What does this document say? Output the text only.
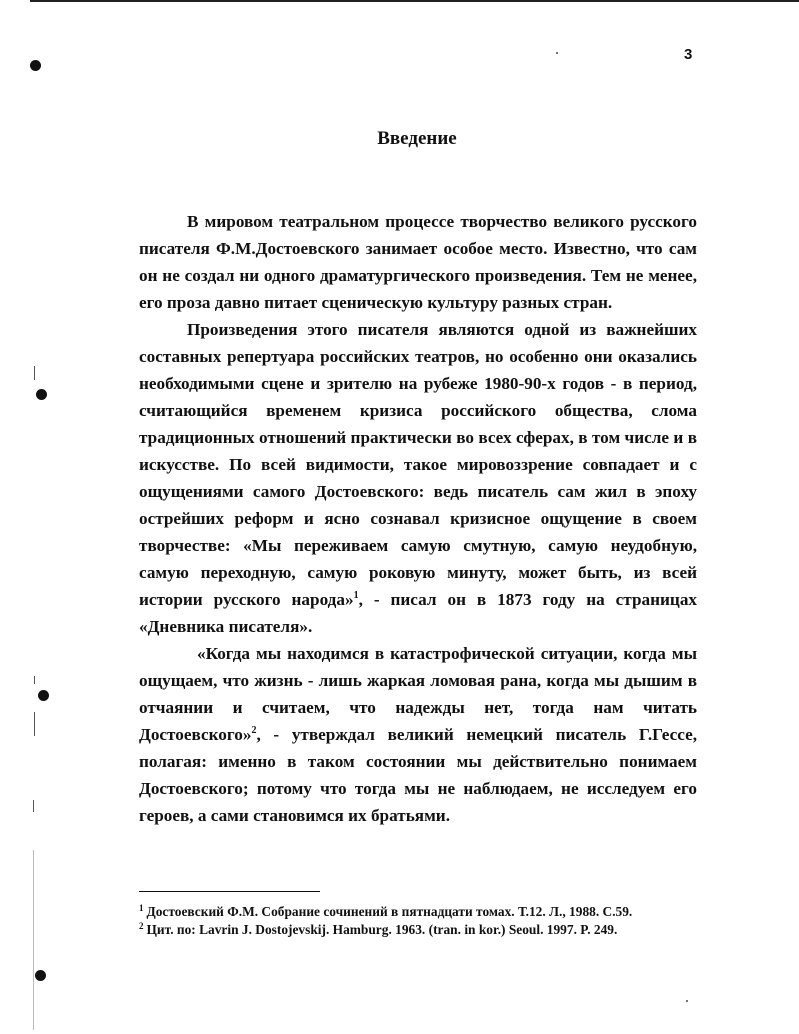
3
Введение

В мировом театральном процессе творчество великого русского писателя Ф.М.Достоевского занимает особое место. Известно, что сам он не создал ни одного драматургического произведения. Тем не менее, его проза давно питает сценическую культуру разных стран.

Произведения этого писателя являются одной из важнейших составных репертуара российских театров, но особенно они оказались необходимыми сцене и зрителю на рубеже 1980-90-х годов - в период, считающийся временем кризиса российского общества, слома традиционных отношений практически во всех сферах, в том числе и в искусстве. По всей видимости, такое мировоззрение совпадает и с ощущениями самого Достоевского: ведь писатель сам жил в эпоху острейших реформ и ясно сознавал кризисное ощущение в своем творчестве: «Мы переживаем самую смутную, самую неудобную, самую переходную, самую роковую минуту, может быть, из всей истории русского народа»$^1$, - писал он в 1873 году на страницах «Дневника писателя».

«Когда мы находимся в катастрофической ситуации, когда мы ощущаем, что жизнь - лишь жаркая ломовая рана, когда мы дышим в отчаянии и считаем, что надежды нет, тогда нам читать Достоевского»$^2$, - утверждал великий немецкий писатель Г.Гессе, полагая: именно в таком состоянии мы действительно понимаем Достоевского; потому что тогда мы не наблюдаем, не исследуем его героев, а сами становимся их братьями.

$^1$ Достоевский Ф.М. Собрание сочинений в пятнадцати томах. Т.12. Л., 1988. С.59.
$^2$ Цит. по: Lavrin J. Dostojevskij. Hamburg. 1963. (tran. in kor.) Seoul. 1997. P. 249.
